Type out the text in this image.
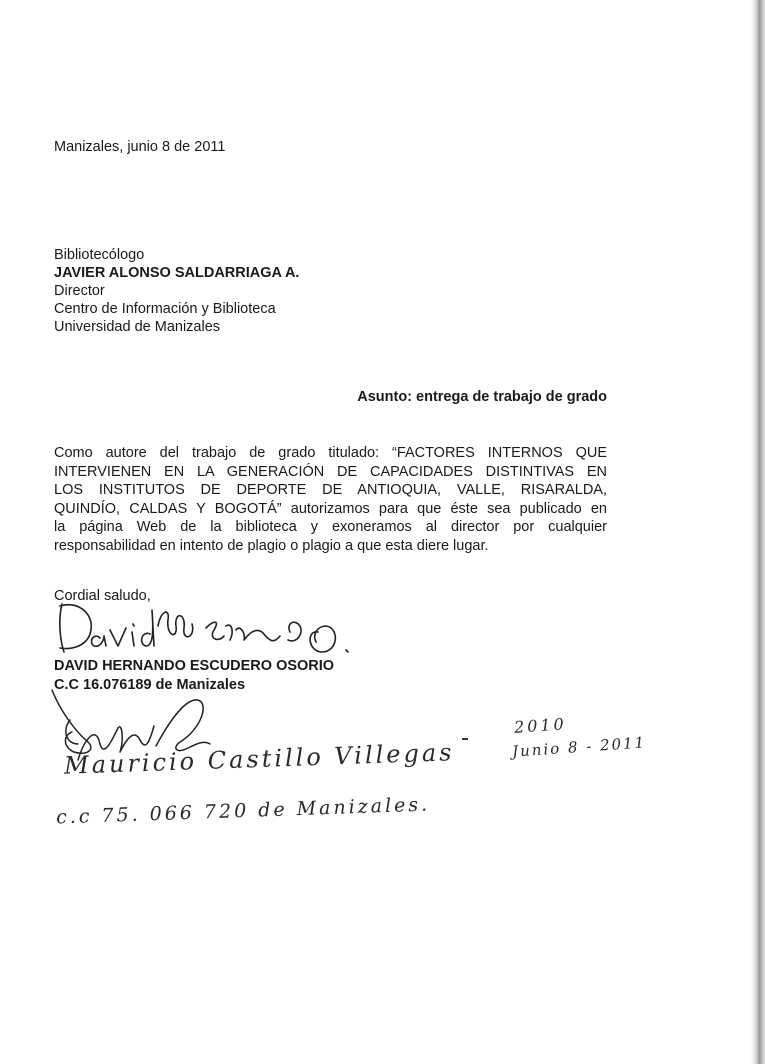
Manizales, junio 8 de 2011
Bibliotecólogo
JAVIER ALONSO SALDARRIAGA A.
Director
Centro de Información y Biblioteca
Universidad de Manizales
Asunto: entrega de trabajo de grado
Como autore del trabajo de grado titulado: “FACTORES INTERNOS QUE
INTERVIENEN EN LA GENERACIÓN DE CAPACIDADES DISTINTIVAS EN
LOS INSTITUTOS DE DEPORTE DE ANTIOQUIA, VALLE, RISARALDA,
QUINDÍO, CALDAS Y BOGOTÁ” autorizamos para que éste sea publicado en
la página Web de la biblioteca y exoneramos al director por cualquier
responsabilidad en intento de plagio o plagio a que esta diere lugar.
Cordial saludo,
DAVID HERNANDO ESCUDERO OSORIO
C.C 16.076189 de Manizales
Mauricio Castillo Villegas
c.c 75. 066 720 de Manizales.
2010
Junio 8 - 2011
